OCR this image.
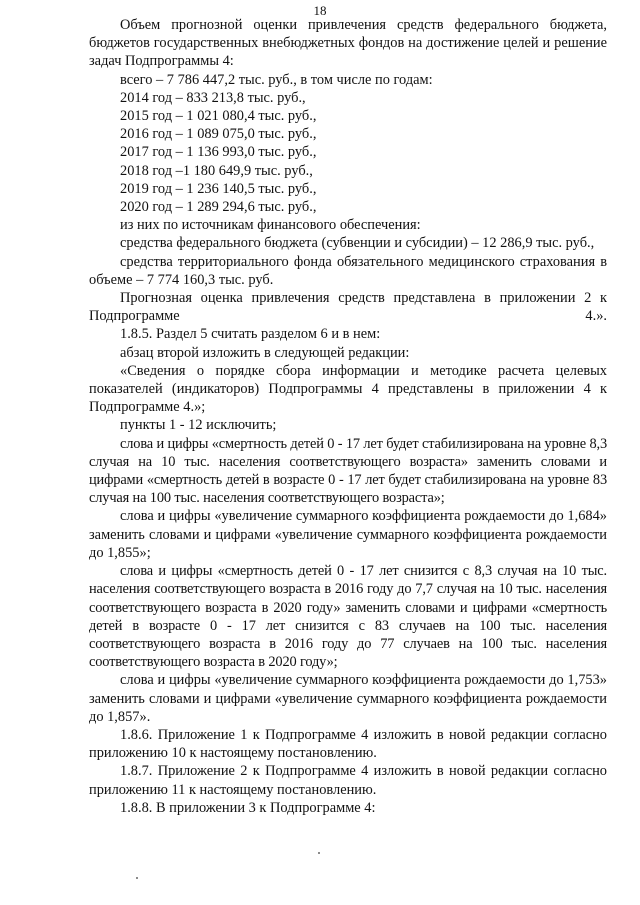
18

Объем прогнозной оценки привлечения средств федерального бюджета, бюджетов государственных внебюджетных фондов на достижение целей и решение задач Подпрограммы 4:

всего – 7 786 447,2 тыс. руб., в том числе по годам:

2014 год – 833 213,8 тыс. руб.,

2015 год – 1 021 080,4 тыс. руб.,

2016 год – 1 089 075,0 тыс. руб.,

2017 год – 1 136 993,0 тыс. руб.,

2018 год –1 180 649,9 тыс. руб.,

2019 год – 1 236 140,5 тыс. руб.,

2020 год – 1 289 294,6 тыс. руб.,

из них по источникам финансового обеспечения:

средства федерального бюджета (субвенции и субсидии) – 12 286,9 тыс. руб.,

средства территориального фонда обязательного медицинского страхования в объеме – 7 774 160,3 тыс. руб.

Прогнозная оценка привлечения средств представлена в приложении 2 к Подпрограмме 4.».

1.8.5. Раздел 5 считать разделом 6 и в нем:

абзац второй изложить в следующей редакции:

«Сведения о порядке сбора информации и методике расчета целевых показателей (индикаторов) Подпрограммы 4 представлены в приложении 4 к Подпрограмме 4.»;

пункты 1 - 12 исключить;

слова и цифры «смертность детей 0 - 17 лет будет стабилизирована на уровне 8,3 случая на 10 тыс. населения соответствующего возраста» заменить словами и цифрами «смертность детей в возрасте 0 - 17 лет будет стабилизирована на уровне 83 случая на 100 тыс. населения соответствующего возраста»;

слова и цифры «увеличение суммарного коэффициента рождаемости до 1,684» заменить словами и цифрами «увеличение суммарного коэффициента рождаемости до 1,855»;

слова и цифры «смертность детей 0 - 17 лет снизится с 8,3 случая на 10 тыс. населения соответствующего возраста в 2016 году до 7,7 случая на 10 тыс. населения соответствующего возраста в 2020 году» заменить словами и цифрами «смертность детей в возрасте 0 - 17 лет снизится с 83 случаев на 100 тыс. населения соответствующего возраста в 2016 году до 77 случаев на 100 тыс. населения соответствующего возраста в 2020 году»;

слова и цифры «увеличение суммарного коэффициента рождаемости до 1,753» заменить словами и цифрами «увеличение суммарного коэффициента рождаемости до 1,857».

1.8.6. Приложение 1 к Подпрограмме 4 изложить в новой редакции согласно приложению 10 к настоящему постановлению.

1.8.7. Приложение 2 к Подпрограмме 4 изложить в новой редакции согласно приложению 11 к настоящему постановлению.

1.8.8. В приложении 3 к Подпрограмме 4:
